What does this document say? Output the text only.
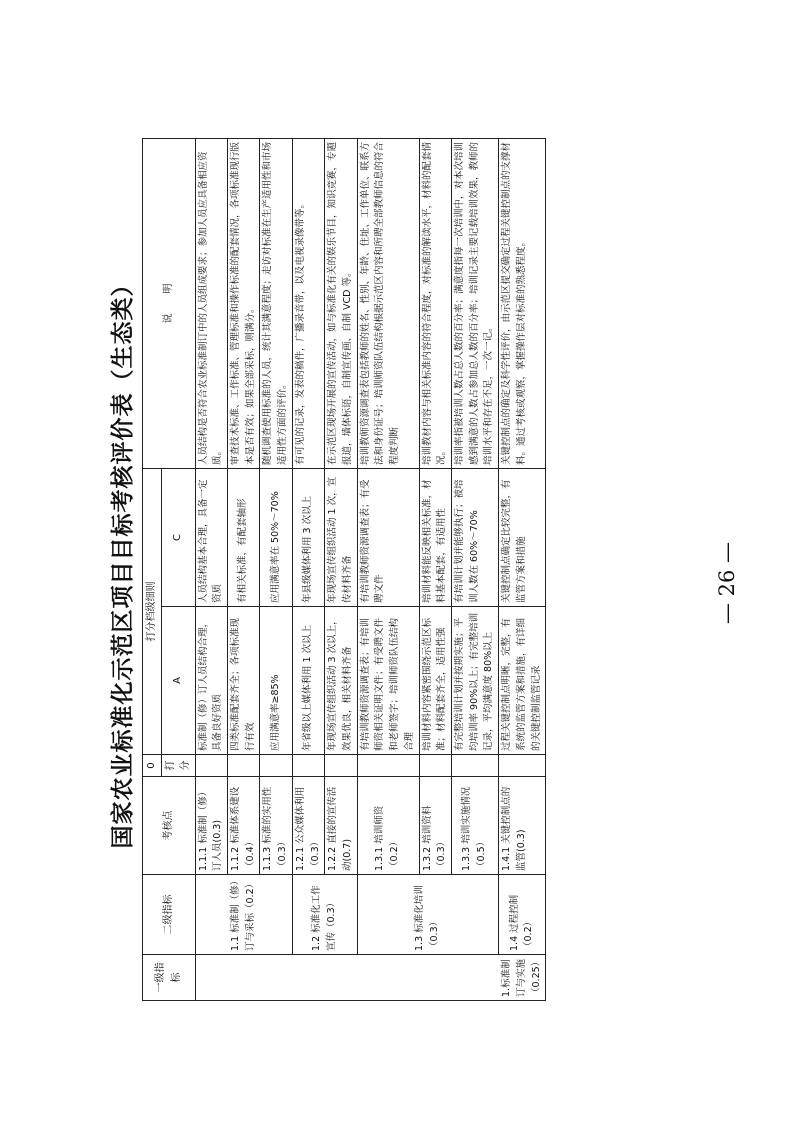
国家农业标准化示范区项目目标考核评价表（生态类）
一级指标	二级指标	考核点	0	打分档级细则		说　　明
			打分	A	C	

1.标准制订与实施（0.25）	1.1 标准制（修）订与采标（0.2）	1.1.1 标准制（修）订人员(0.3)		标准制（修）订人员结构合理，具备良好资质	人员结构基本合理，具备一定资质	人员结构是否符合农业标准制订中的人员组成要求；参加人员应具备相应资质。
		1.1.2 标准体系建设（0.4）		四类标准配套齐全；各项标准现行有效	有相关标准，有配套轴形	审查技术标准、工作标准、管理标准和操作标准的配套情况，各项标准现行版本是否有效；如果全部采标，则满分。
		1.1.3 标准的实用性（0.3）		应用满意率≥85%	应用满意率在 50%～70%	随机调查使用标准的人员，统计其满意程度；走访对标准在生产适用性和市场适用性方面的评价。
	1.2 标准化工作宣传（0.3）	1.2.1 公众媒体利用（0.3）		年省级以上媒体利用 1 次以上	年县级媒体利用 3 次以上	有可见的记录，发表的稿件，广播录音带，以及电视录像带等。
		1.2.2 直接的宣传活动(0.7)		年现场宣传组织活动 3 次以上，效果优良，相关材料齐备	年现场宣传组织活动 1 次，宣传材料齐备	在示范区现场开展的宣传活动，如与标准化有关的娱乐节目，知识竞赛，专题报道，墙体标语，自制宣传画、自制 VCD 等。
	1.3 标准化培训（0.3）	1.3.1 培训师资（0.2）		有培训教师资源调查表；有培训师资相关证明文件；有受聘文件和老师签字；培训师资队伍结构合理	有培训教师资源调查表；有受聘文件	培训教师资源调查表包括教师的姓名、性别、年龄、住址、工作单位、联系方法和身份证号；培训师资队伍结构根据示范区内容和所聘全部教师信息的符合程度判断
		1.3.2 培训资料（0.3）		培训材料内容紧密围绕示范区标准；材料配套齐全，适用性强	培训材料能反映相关标准，材料基本配套，有适用性	培训教材内容与相关标准内容的符合程度，对标准的解读水平，材料的配套情况。
		1.3.3 培训实施情况（0.5）		有完整培训计划并按期实施；平均培训率 90%以上；有完整培训记录，平均满意度 80%以上	有培训计划并能够执行；被培训人数在 60%～70%	培训率指被培训人数占总人数的百分率；满意度指每一次培训中，对本次培训感到满意的人数占参加总人数的百分率；培训记录主要记载培训效果，教师的培训水平和存在不足，一次一记。
	1.4 过程控制（0.2）	1.4.1 关键控制点的监管(0.3)		过程关键控制点明晰，完整，有系统的监管方案和措施，有详细的关键控制监管记录	关键控制点确定比较完整，有监管方案和措施	关键控制点的确定及科学性评价，由示范区提交确定过程关键控制点的支撑材料。通过考核或观察，掌握操作层对标准的熟悉程度。
— 26 —
